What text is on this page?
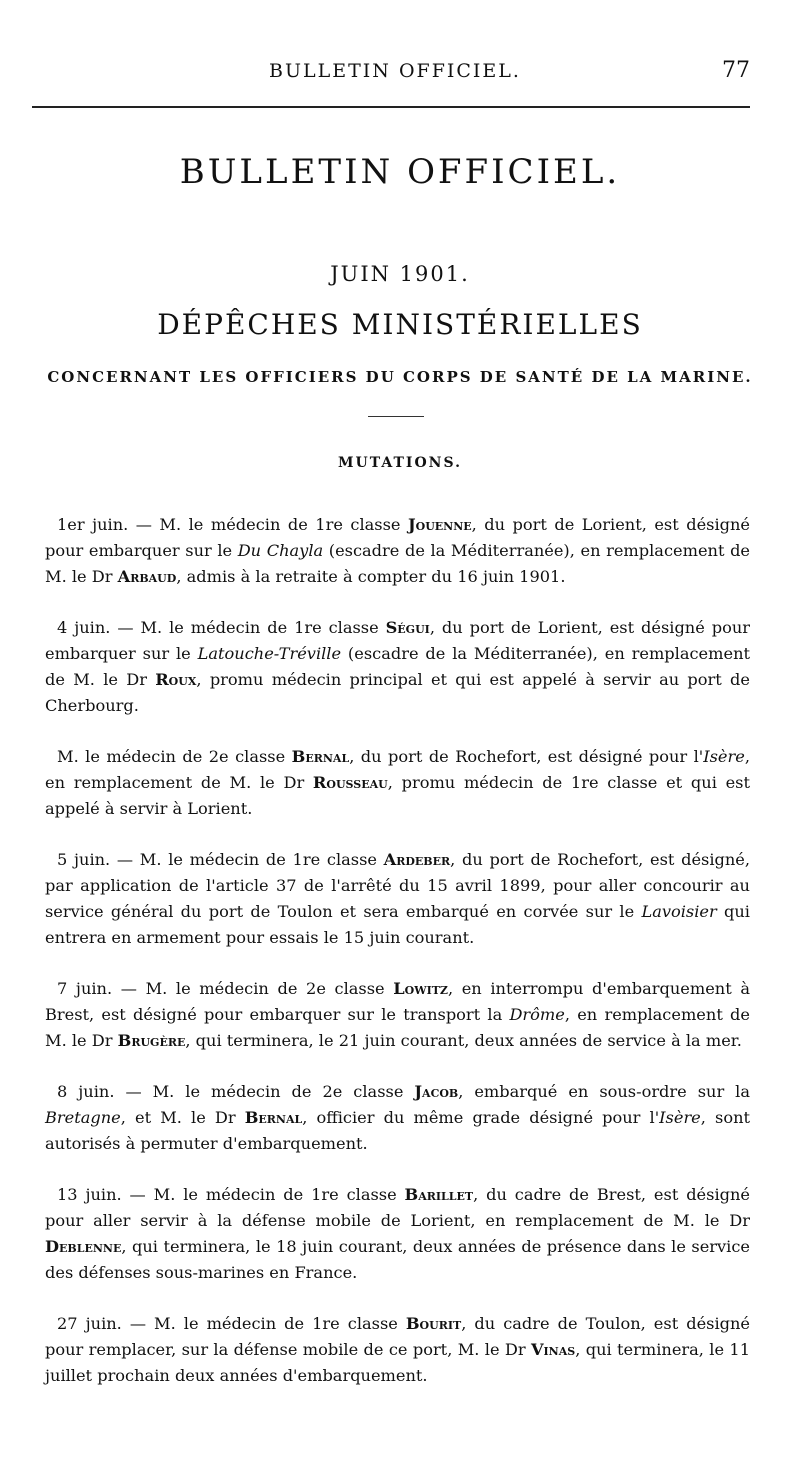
BULLETIN OFFICIEL.	77
BULLETIN OFFICIEL.
JUIN 1901.
DÉPÊCHES MINISTÉRIELLES
CONCERNANT LES OFFICIERS DU CORPS DE SANTÉ DE LA MARINE.
MUTATIONS.

1er juin. — M. le médecin de 1re classe Jouenne, du port de Lorient, est désigné pour embarquer sur le Du Chayla (escadre de la Méditerranée), en remplacement de M. le Dr Arbaud, admis à la retraite à compter du 16 juin 1901.

4 juin. — M. le médecin de 1re classe Ségui, du port de Lorient, est désigné pour embarquer sur le Latouche-Tréville (escadre de la Méditerranée), en remplacement de M. le Dr Roux, promu médecin principal et qui est appelé à servir au port de Cherbourg.

M. le médecin de 2e classe Bernal, du port de Rochefort, est désigné pour l'Isère, en remplacement de M. le Dr Rousseau, promu médecin de 1re classe et qui est appelé à servir à Lorient.

5 juin. — M. le médecin de 1re classe Ardeber, du port de Rochefort, est désigné, par application de l'article 37 de l'arrêté du 15 avril 1899, pour aller concourir au service général du port de Toulon et sera embarqué en corvée sur le Lavoisier qui entrera en armement pour essais le 15 juin courant.

7 juin. — M. le médecin de 2e classe Lowitz, en interrompu d'embarquement à Brest, est désigné pour embarquer sur le transport la Drôme, en remplacement de M. le Dr Brugère, qui terminera, le 21 juin courant, deux années de service à la mer.

8 juin. — M. le médecin de 2e classe Jacob, embarqué en sous-ordre sur la Bretagne, et M. le Dr Bernal, officier du même grade désigné pour l'Isère, sont autorisés à permuter d'embarquement.

13 juin. — M. le médecin de 1re classe Barillet, du cadre de Brest, est désigné pour aller servir à la défense mobile de Lorient, en remplacement de M. le Dr Deblenne, qui terminera, le 18 juin courant, deux années de présence dans le service des défenses sous-marines en France.

27 juin. — M. le médecin de 1re classe Bourit, du cadre de Toulon, est désigné pour remplacer, sur la défense mobile de ce port, M. le Dr Vinas, qui terminera, le 11 juillet prochain deux années d'embarquement.
